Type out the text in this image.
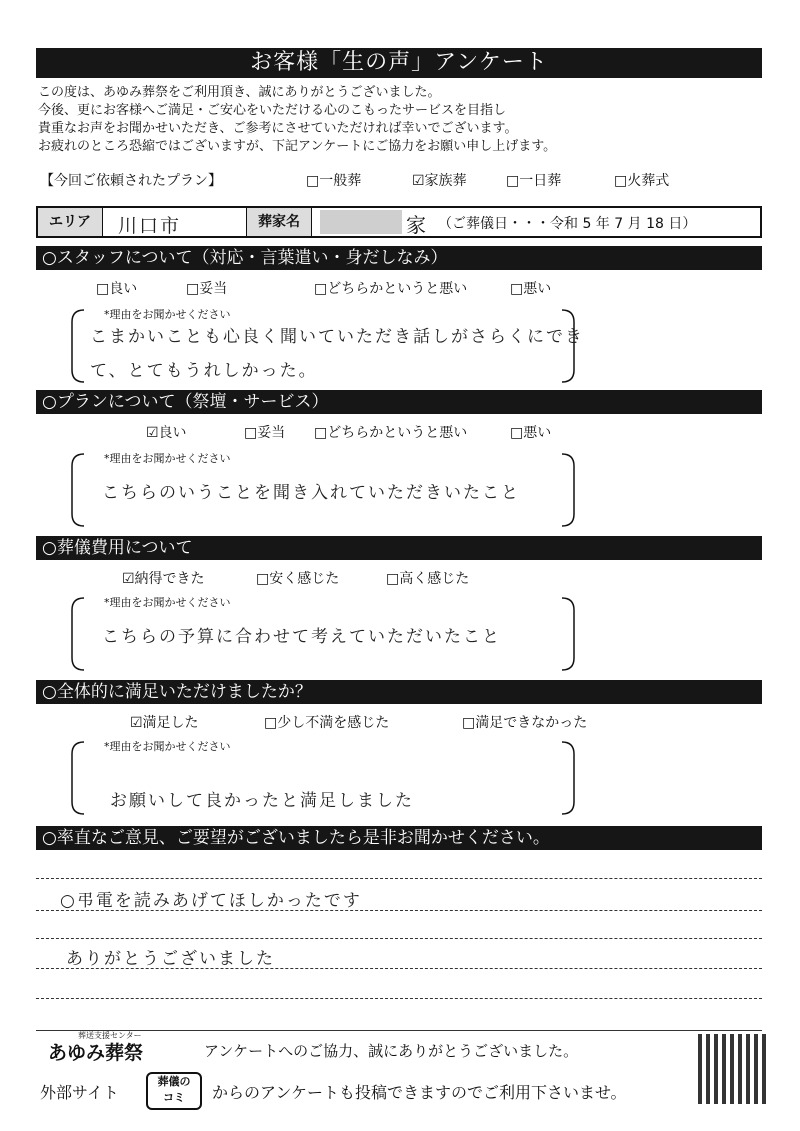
お客様「生の声」アンケート
この度は、あゆみ葬祭をご利用頂き、誠にありがとうございました。
今後、更にお客様へご満足・ご安心をいただける心のこもったサービスを目指し
貴重なお声をお聞かせいただき、ご参考にさせていただければ幸いでございます。
お疲れのところ恐縮ではございますが、下記アンケートにご協力をお願い申し上げます。
【今回ご依頼されたプラン】	□一般葬	☑家族葬	□一日葬	□火葬式
エリア	川口市	葬家名	家 （ご葬儀日・・・令和 5 年 7 月 18 日）
○スタッフについて（対応・言葉遣い・身だしなみ）
□良い	□妥当	□どちらかというと悪い	□悪い
*理由をお聞かせください
こまかいことも心良く聞いていただき話しがさらくにでき
て、とてもうれしかった。
○プランについて（祭壇・サービス）
☑良い	□妥当 □どちらかというと悪い	□悪い
*理由をお聞かせください
こちらのいうことを聞き入れていただきいたこと
○葬儀費用について
☑納得できた	□安く感じた	□高く感じた
*理由をお聞かせください
こちらの予算に合わせて考えていただいたこと
○全体的に満足いただけましたか？
☑満足した	□少し不満を感じた	□満足できなかった
*理由をお聞かせください
お願いして良かったと満足しました
○率直なご意見、ご要望がございましたら是非お聞かせください。
○弔電を読みあげてほしかったです
ありがとうございました
葬送支援センター
あゆみ葬祭	アンケートへのご協力、誠にありがとうございました。
外部サイト
葬儀の
コミ	からのアンケートも投稿できますのでご利用下さいませ。
